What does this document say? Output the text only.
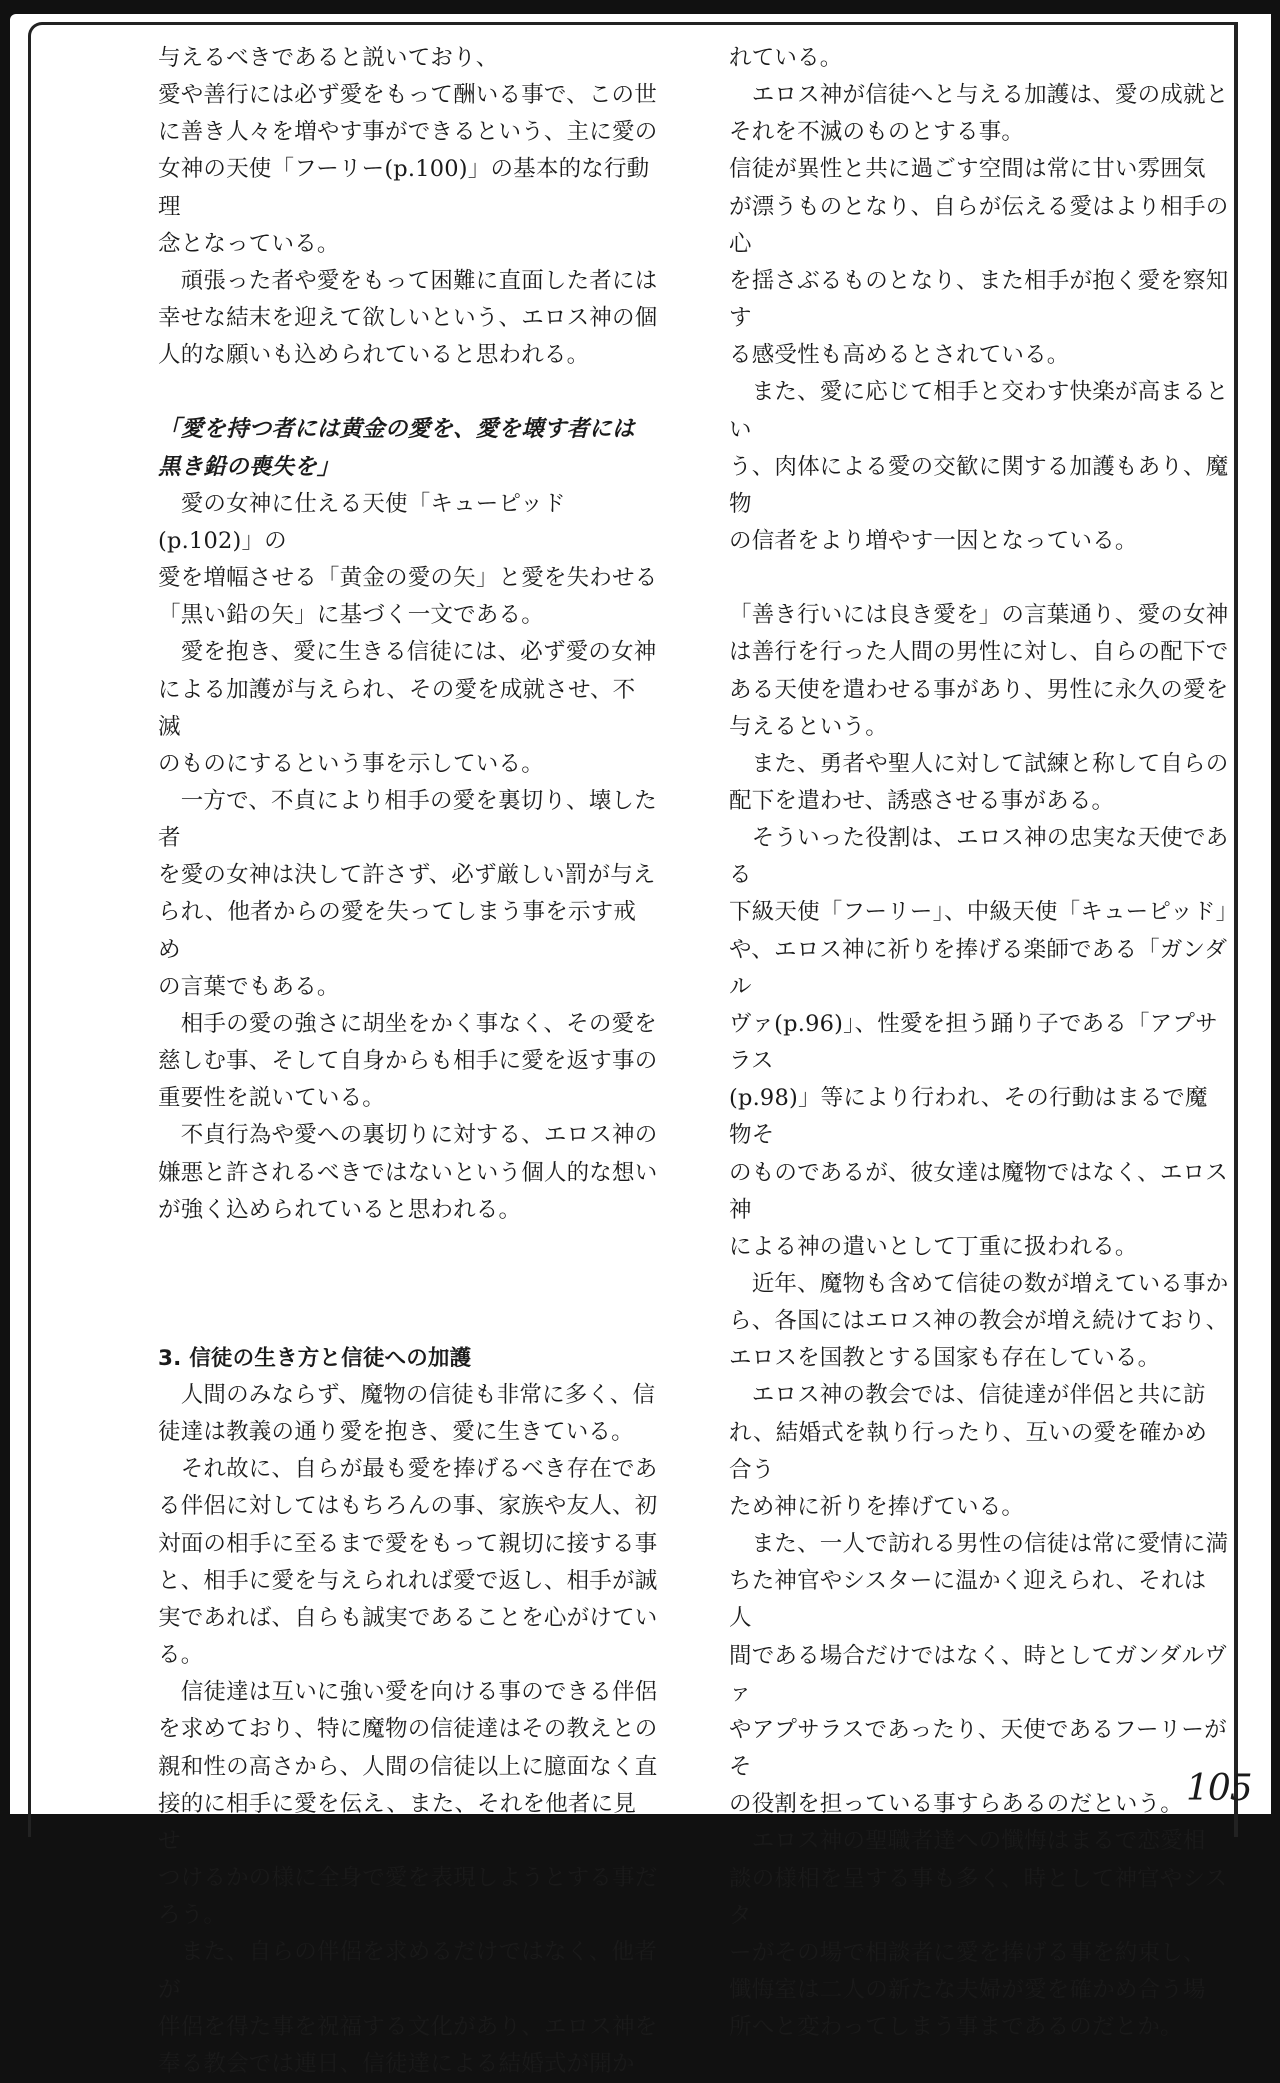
与えるべきであると説いており、

愛や善行には必ず愛をもって酬いる事で、この世

に善き人々を増やす事ができるという、主に愛の

女神の天使「フーリー(p.100)」の基本的な行動理

念となっている。

　頑張った者や愛をもって困難に直面した者には

幸せな結末を迎えて欲しいという、エロス神の個

人的な願いも込められていると思われる。

「愛を持つ者には黄金の愛を、愛を壊す者には

黒き鉛の喪失を」

　愛の女神に仕える天使「キューピッド(p.102)」の

愛を増幅させる「黄金の愛の矢」と愛を失わせる

「黒い鉛の矢」に基づく一文である。

　愛を抱き、愛に生きる信徒には、必ず愛の女神

による加護が与えられ、その愛を成就させ、不滅

のものにするという事を示している。

　一方で、不貞により相手の愛を裏切り、壊した者

を愛の女神は決して許さず、必ず厳しい罰が与え

られ、他者からの愛を失ってしまう事を示す戒め

の言葉でもある。

　相手の愛の強さに胡坐をかく事なく、その愛を

慈しむ事、そして自身からも相手に愛を返す事の

重要性を説いている。

　不貞行為や愛への裏切りに対する、エロス神の

嫌悪と許されるべきではないという個人的な想い

が強く込められていると思われる。

3. 信徒の生き方と信徒への加護

　人間のみならず、魔物の信徒も非常に多く、信

徒達は教義の通り愛を抱き、愛に生きている。

　それ故に、自らが最も愛を捧げるべき存在であ

る伴侶に対してはもちろんの事、家族や友人、初

対面の相手に至るまで愛をもって親切に接する事

と、相手に愛を与えられれば愛で返し、相手が誠

実であれば、自らも誠実であることを心がけてい

る。

　信徒達は互いに強い愛を向ける事のできる伴侶

を求めており、特に魔物の信徒達はその教えとの

親和性の高さから、人間の信徒以上に臆面なく直

接的に相手に愛を伝え、また、それを他者に見せ

つけるかの様に全身で愛を表現しようとする事だ

ろう。

　また、自らの伴侶を求めるだけではなく、他者が

伴侶を得た事を祝福する文化があり、エロス神を

奉る教会では連日、信徒達による結婚式が開か

れている。

　エロス神が信徒へと与える加護は、愛の成就と

それを不滅のものとする事。

信徒が異性と共に過ごす空間は常に甘い雰囲気

が漂うものとなり、自らが伝える愛はより相手の心

を揺さぶるものとなり、また相手が抱く愛を察知す

る感受性も高めるとされている。

　また、愛に応じて相手と交わす快楽が高まるとい

う、肉体による愛の交歓に関する加護もあり、魔物

の信者をより増やす一因となっている。

「善き行いには良き愛を」の言葉通り、愛の女神

は善行を行った人間の男性に対し、自らの配下で

ある天使を遣わせる事があり、男性に永久の愛を

与えるという。

　また、勇者や聖人に対して試練と称して自らの

配下を遣わせ、誘惑させる事がある。

　そういった役割は、エロス神の忠実な天使である

下級天使「フーリー」、中級天使「キューピッド」

や、エロス神に祈りを捧げる楽師である「ガンダル

ヴァ(p.96)」、性愛を担う踊り子である「アプサラス

(p.98)」等により行われ、その行動はまるで魔物そ

のものであるが、彼女達は魔物ではなく、エロス神

による神の遣いとして丁重に扱われる。

　近年、魔物も含めて信徒の数が増えている事か

ら、各国にはエロス神の教会が増え続けており、

エロスを国教とする国家も存在している。

　エロス神の教会では、信徒達が伴侶と共に訪

れ、結婚式を執り行ったり、互いの愛を確かめ合う

ため神に祈りを捧げている。

　また、一人で訪れる男性の信徒は常に愛情に満

ちた神官やシスターに温かく迎えられ、それは人

間である場合だけではなく、時としてガンダルヴァ

やアプサラスであったり、天使であるフーリーがそ

の役割を担っている事すらあるのだという。

　エロス神の聖職者達への懺悔はまるで恋愛相

談の様相を呈する事も多く、時として神官やシスタ

ーがその場で相談者に愛を捧げる事を約束し、

懺悔室は二人の新たな夫婦が愛を確かめ合う場

所へと変わってしまう事まであるのだとか。

105
